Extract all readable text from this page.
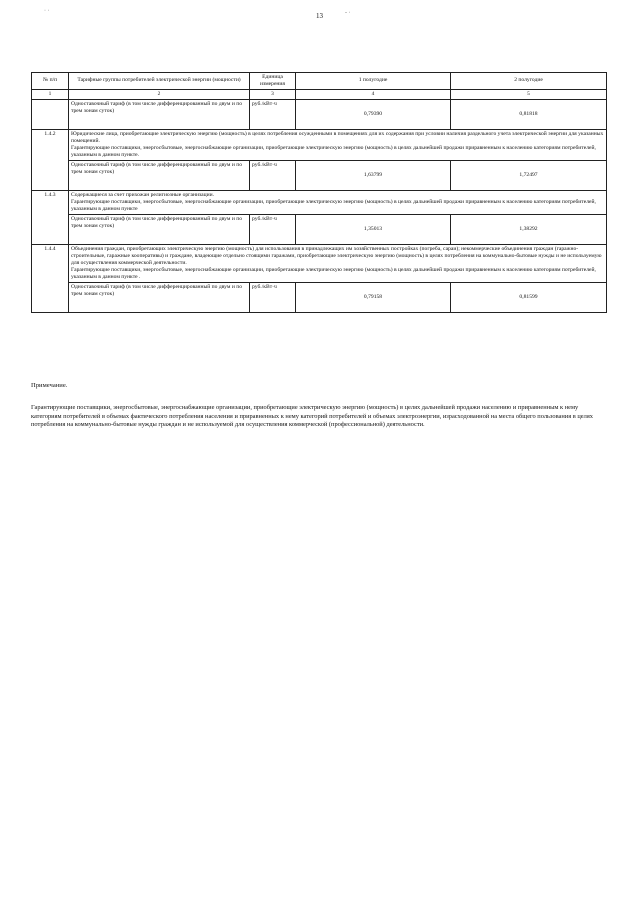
13
· ·	‐ ·
№ п/п	Тарифные группы потребителей электрической энергии (мощности)	Единица измерения	1 полугодие	2 полугодие
1	2	3	4	5
	Одноставочный тариф (в том числе дифференцированный по двум и по трем зонам суток)	руб./кВт·ч	0,79390	0,81818
1.4.2	Юридические лица, приобретающие электрическую энергию (мощность) в целях потребления осужденными в помещениях для их содержания при условии наличия раздельного учета электрической энергии для указанных помещений.
Гарантирующие поставщики, энергосбытовые, энергоснабжающие организации, приобретающие электрическую энергию (мощность) в целях дальнейшей продажи приравненным к населению категориям потребителей, указанным в данном пункте.			

	Одноставочный тариф (в том числе дифференцированный по двум и по трем зонам суток)	руб./кВт·ч	1,63799	1,72497
1.4.3	Содержащиеся за счет прихожан религиозные организации.
Гарантирующие поставщики, энергосбытовые, энергоснабжающие организации, приобретающие электрическую энергию (мощность) в целях дальнейшей продажи приравненным к населению категориям потребителей, указанным в данном пункте			

	Одноставочный тариф (в том числе дифференцированный по двум и по трем зонам суток)	руб./кВт·ч	1,35013	1,38292
1.4.4	Объединения граждан, приобретающих электрическую энергию (мощность) для использования в принадлежащих им хозяйственных постройках (погреба, сараи); некоммерческие объединения граждан (гаражно-строительные, гаражные кооперативы) и граждане, владеющие отдельно стоящими гаражами, приобретающие электрическую энергию (мощность) в целях потребления на коммунально-бытовые нужды и не используемую для осуществления коммерческой деятельности.
Гарантирующие поставщики, энергосбытовые, энергоснабжающие организации, приобретающие электрическую энергию (мощность) в целях дальнейшей продажи приравненным к населению категориям потребителей, указанным в данном пункте .			

	Одноставочный тариф (в том числе дифференцированный по двум и по трем зонам суток)	руб./кВт·ч	0,79158	0,81599
Примечание.
Гарантирующие поставщики, энергосбытовые, энергоснабжающие организации, приобретающие электрическую энергию (мощность) в целях дальнейшей продажи населению и приравненным к нему категориям потребителей в объемах фактического потребления населения и приравненных к нему категорий потребителей и объемах электроэнергии, израсходованной на места общего пользования в целях потребления на коммунально-бытовые нужды граждан и не используемой для осуществления коммерческой (профессиональной) деятельности.
